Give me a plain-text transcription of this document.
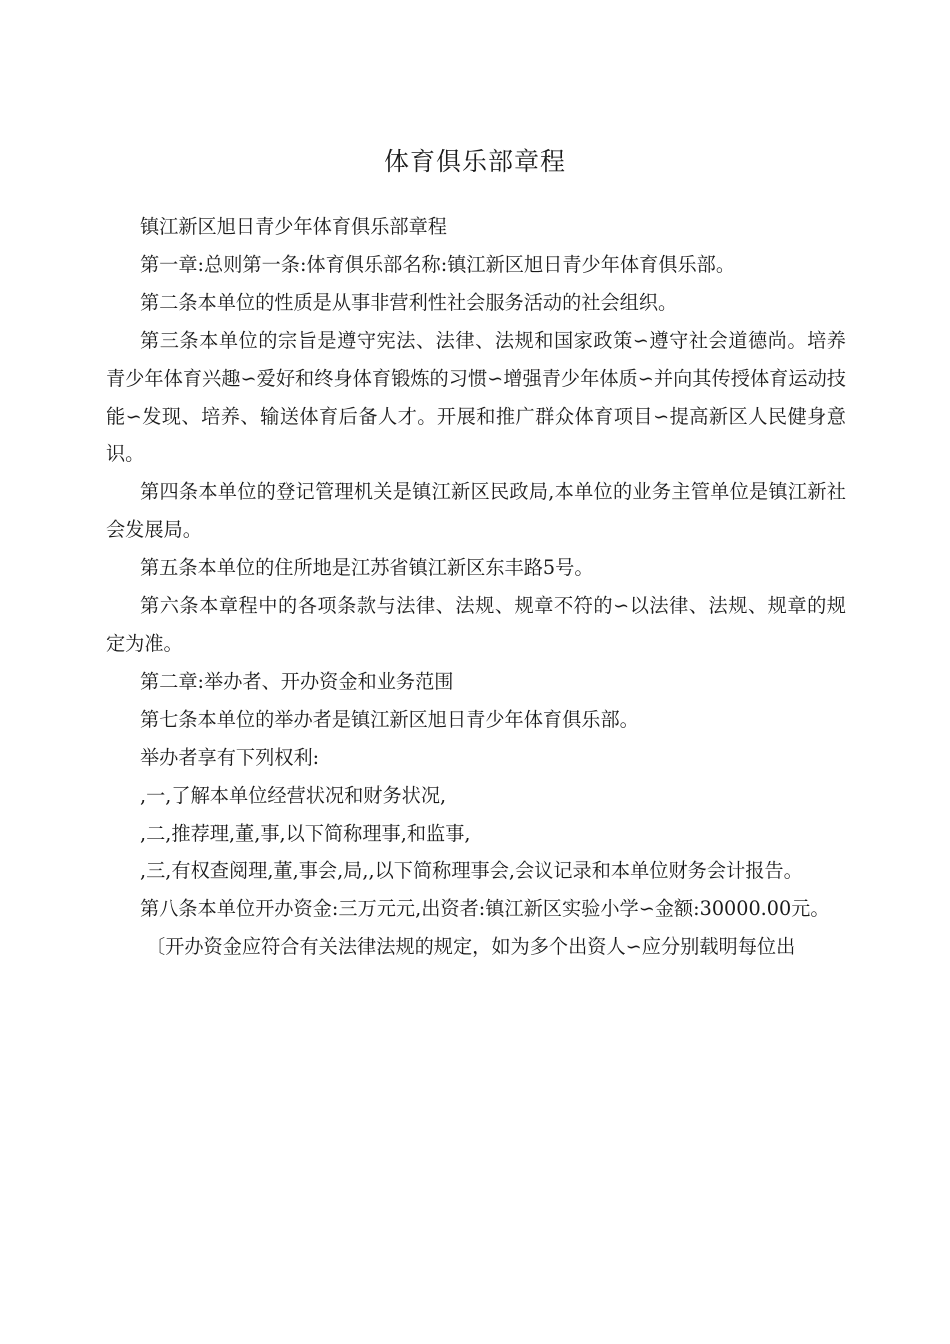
体育俱乐部章程

镇江新区旭日青少年体育俱乐部章程

第一章:总则第一条:体育俱乐部名称:镇江新区旭日青少年体育俱乐部。

第二条本单位的性质是从事非营利性社会服务活动的社会组织。

第三条本单位的宗旨是遵守宪法、法律、法规和国家政策∽遵守社会道德尚。培养青少年体育兴趣∽爱好和终身体育锻炼的习惯∽增强青少年体质∽并向其传授体育运动技能∽发现、培养、输送体育后备人才。开展和推广群众体育项目∽提高新区人民健身意识。

第四条本单位的登记管理机关是镇江新区民政局,本单位的业务主管单位是镇江新社会发展局。

第五条本单位的住所地是江苏省镇江新区东丰路5号。

第六条本章程中的各项条款与法律、法规、规章不符的∽以法律、法规、规章的规定为准。

第二章:举办者、开办资金和业务范围

第七条本单位的举办者是镇江新区旭日青少年体育俱乐部。

举办者享有下列权利:

,一,了解本单位经营状况和财务状况,

,二,推荐理,董,事,以下简称理事,和监事,

,三,有权查阅理,董,事会,局,,以下简称理事会,会议记录和本单位财务会计报告。

第八条本单位开办资金:三万元元,出资者:镇江新区实验小学∽金额:30000.00元。

〔开办资金应符合有关法律法规的规定，如为多个出资人∽应分别载明每位出
